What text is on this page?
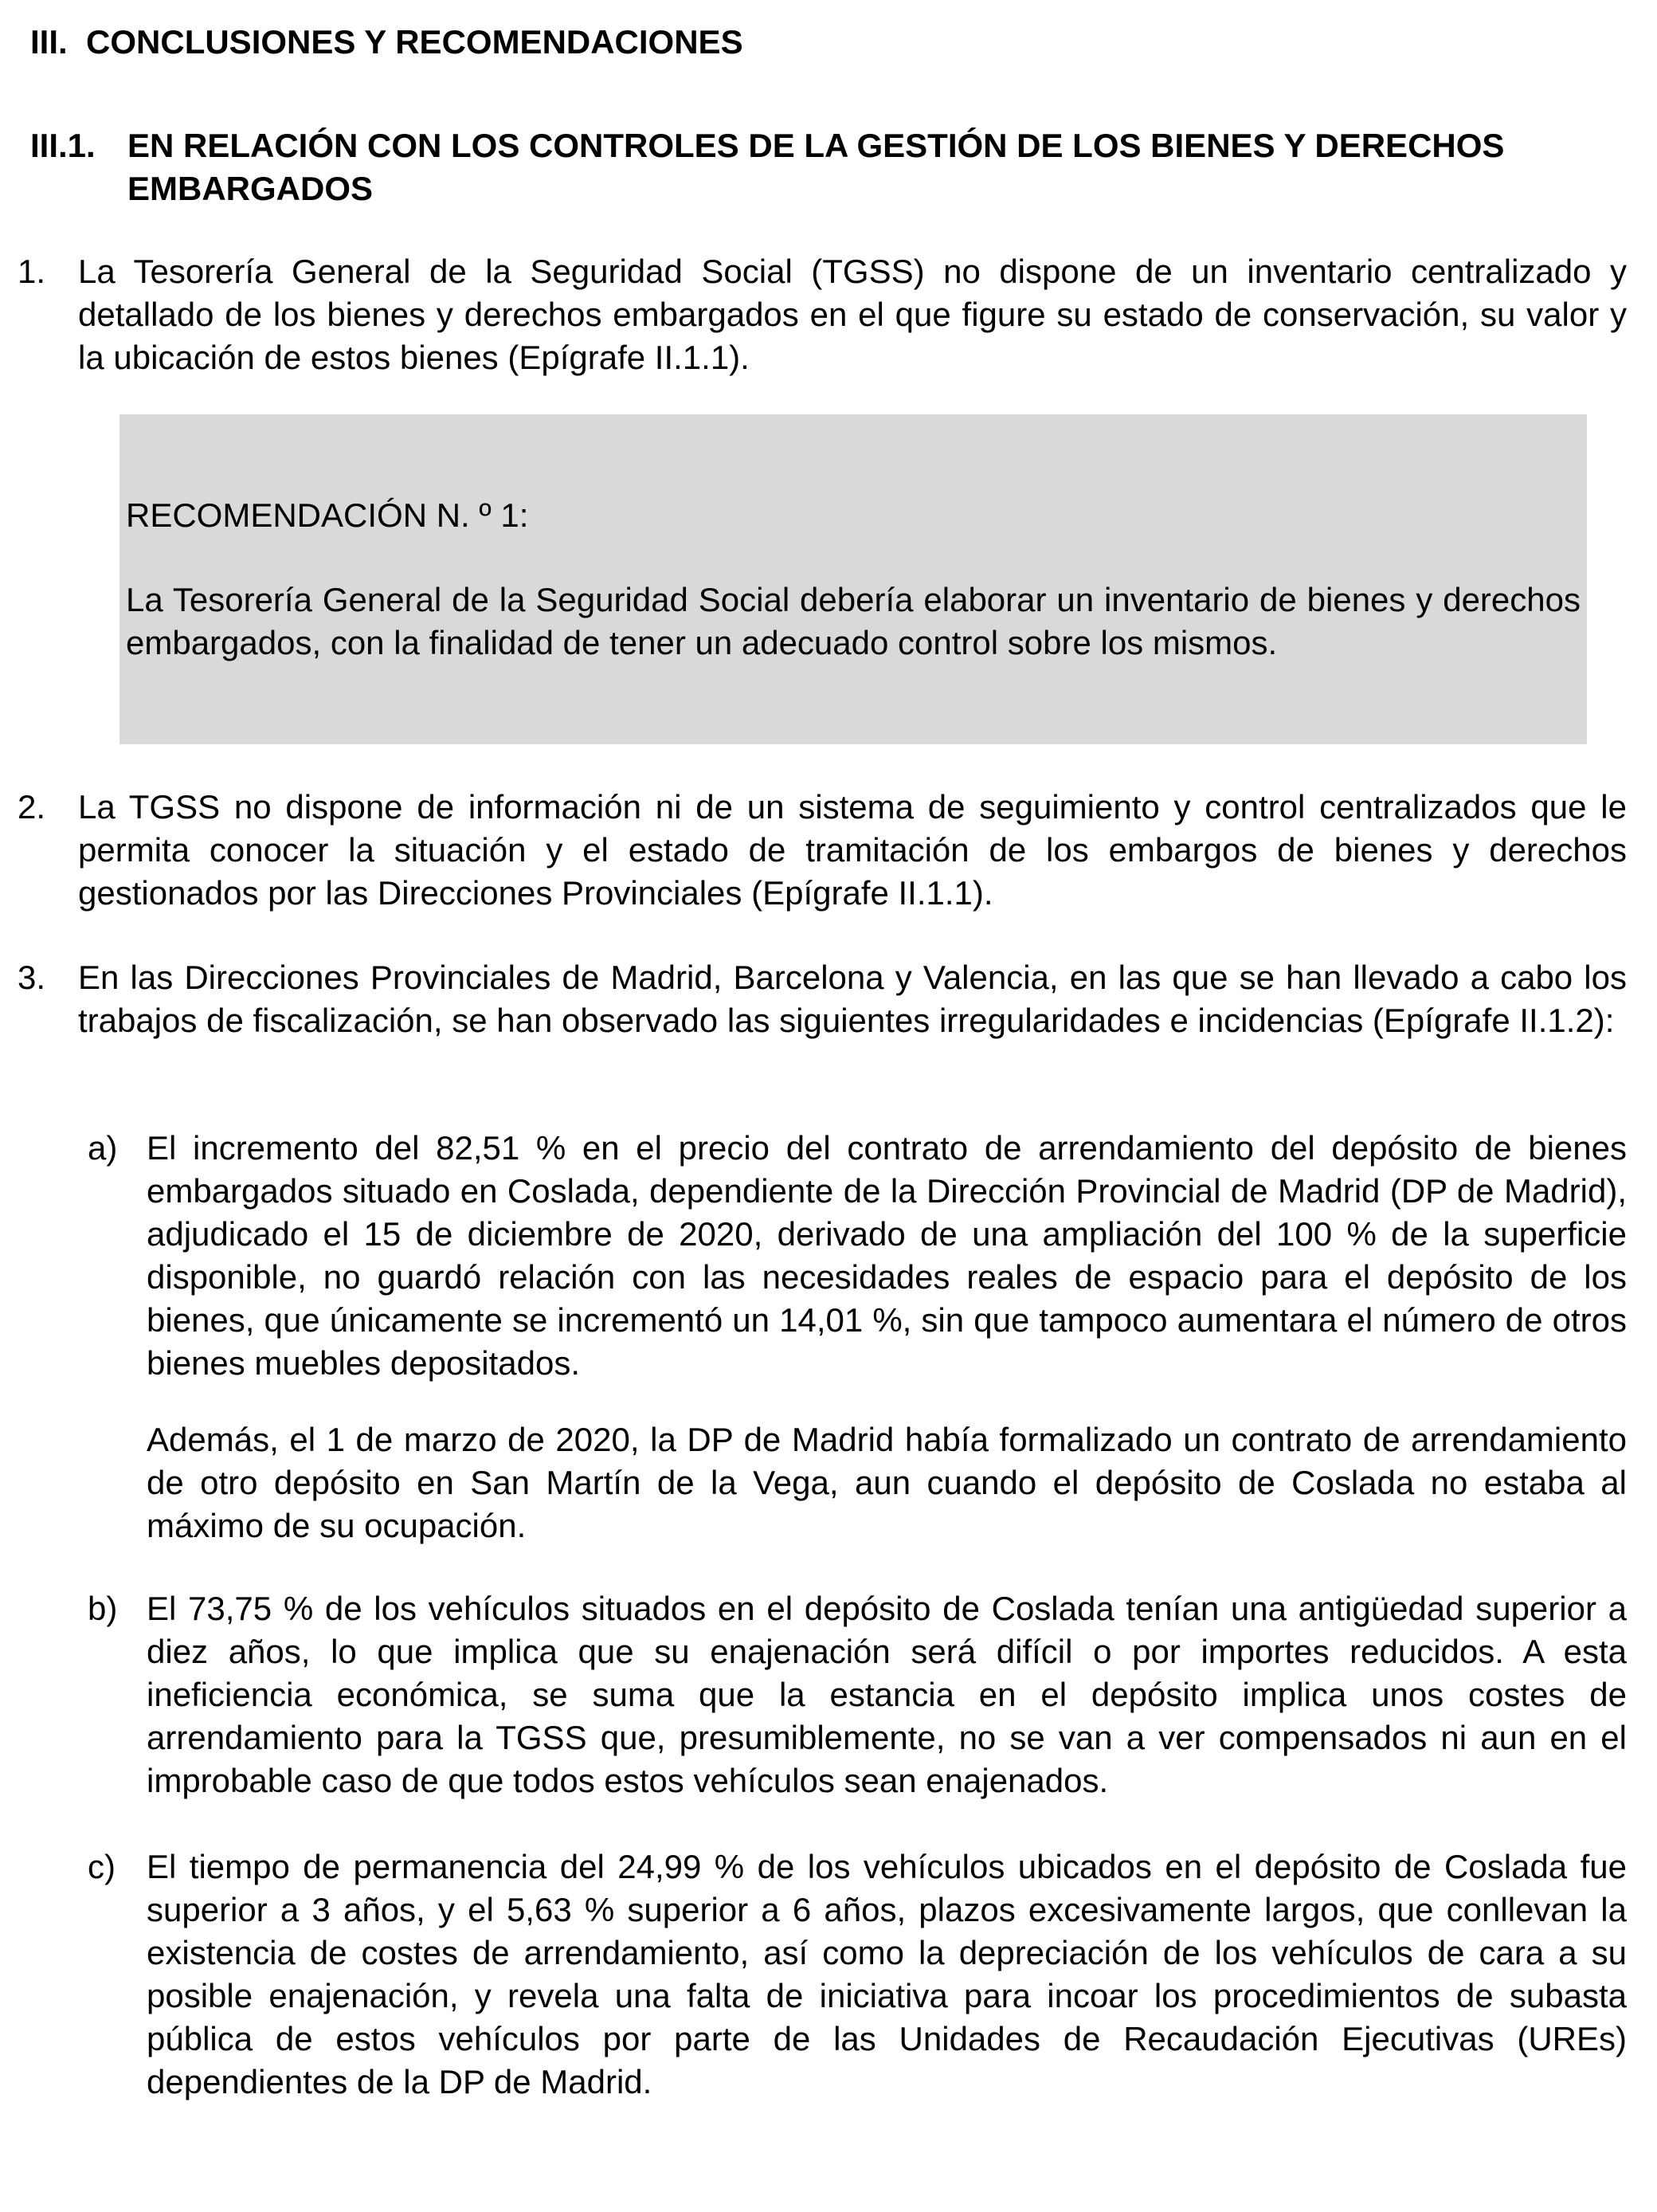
III. CONCLUSIONES Y RECOMENDACIONES
III.1. EN RELACIÓN CON LOS CONTROLES DE LA GESTIÓN DE LOS BIENES Y DERECHOS EMBARGADOS

1. La Tesorería General de la Seguridad Social (TGSS) no dispone de un inventario centralizado y detallado de los bienes y derechos embargados en el que figure su estado de conservación, su valor y la ubicación de estos bienes (Epígrafe II.1.1).

RECOMENDACIÓN N. º 1:

La Tesorería General de la Seguridad Social debería elaborar un inventario de bienes y derechos embargados, con la finalidad de tener un adecuado control sobre los mismos.

2. La TGSS no dispone de información ni de un sistema de seguimiento y control centralizados que le permita conocer la situación y el estado de tramitación de los embargos de bienes y derechos gestionados por las Direcciones Provinciales (Epígrafe II.1.1).

3. En las Direcciones Provinciales de Madrid, Barcelona y Valencia, en las que se han llevado a cabo los trabajos de fiscalización, se han observado las siguientes irregularidades e incidencias (Epígrafe II.1.2):

a) El incremento del 82,51 % en el precio del contrato de arrendamiento del depósito de bienes embargados situado en Coslada, dependiente de la Dirección Provincial de Madrid (DP de Madrid), adjudicado el 15 de diciembre de 2020, derivado de una ampliación del 100 % de la superficie disponible, no guardó relación con las necesidades reales de espacio para el depósito de los bienes, que únicamente se incrementó un 14,01 %, sin que tampoco aumentara el número de otros bienes muebles depositados.

Además, el 1 de marzo de 2020, la DP de Madrid había formalizado un contrato de arrendamiento de otro depósito en San Martín de la Vega, aun cuando el depósito de Coslada no estaba al máximo de su ocupación.

b) El 73,75 % de los vehículos situados en el depósito de Coslada tenían una antigüedad superior a diez años, lo que implica que su enajenación será difícil o por importes reducidos. A esta ineficiencia económica, se suma que la estancia en el depósito implica unos costes de arrendamiento para la TGSS que, presumiblemente, no se van a ver compensados ni aun en el improbable caso de que todos estos vehículos sean enajenados.

c) El tiempo de permanencia del 24,99 % de los vehículos ubicados en el depósito de Coslada fue superior a 3 años, y el 5,63 % superior a 6 años, plazos excesivamente largos, que conllevan la existencia de costes de arrendamiento, así como la depreciación de los vehículos de cara a su posible enajenación, y revela una falta de iniciativa para incoar los procedimientos de subasta pública de estos vehículos por parte de las Unidades de Recaudación Ejecutivas (UREs) dependientes de la DP de Madrid.
